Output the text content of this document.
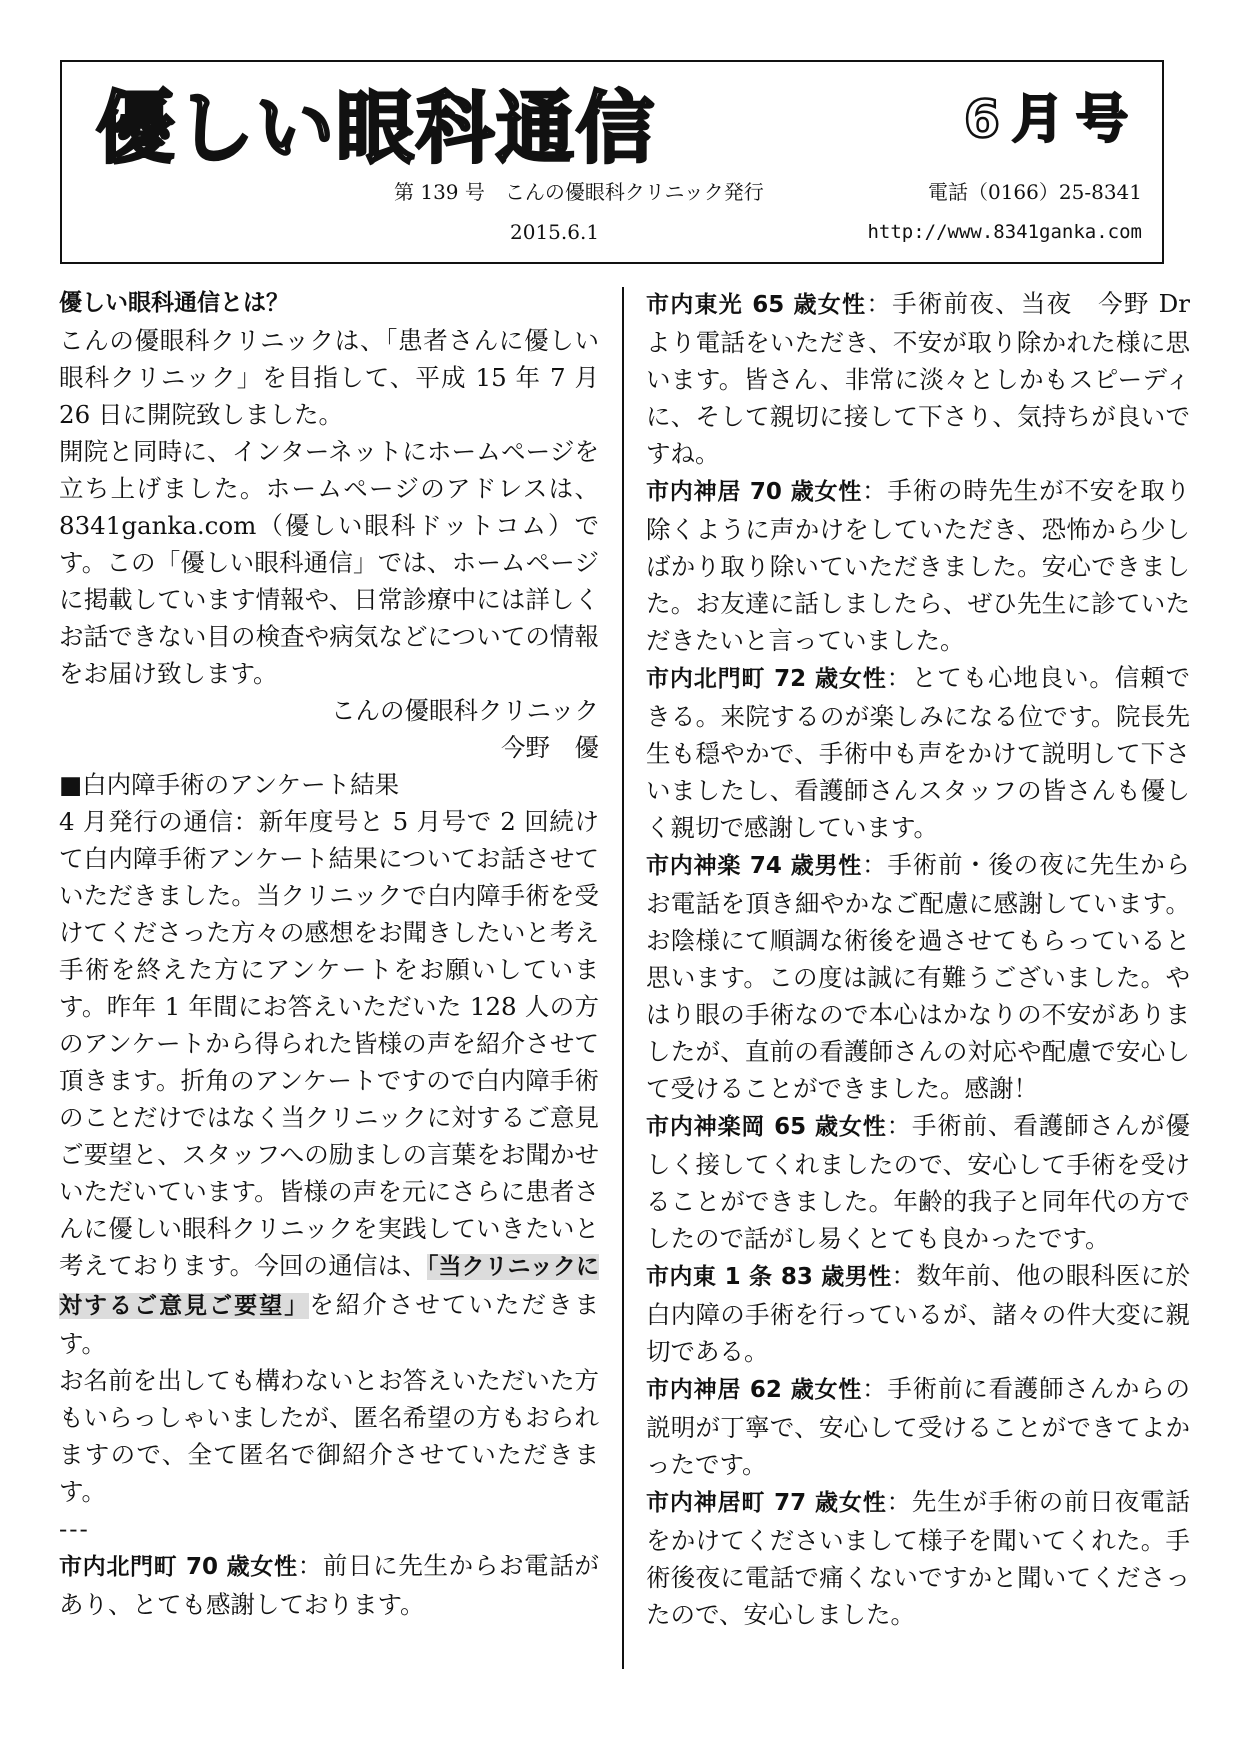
優しい眼科通信	6月号
第 139 号　こんの優眼科クリニック発行	電話（0166）25-8341
2015.6.1	http://www.8341ganka.com

優しい眼科通信とは？

こんの優眼科クリニックは、「患者さんに優しい眼科クリニック」を目指して、平成 15 年 7 月 26 日に開院致しました。

開院と同時に、インターネットにホームページを立ち上げました。ホームページのアドレスは、8341ganka.com（優しい眼科ドットコム）です。この「優しい眼科通信」では、ホームページに掲載しています情報や、日常診療中には詳しくお話できない目の検査や病気などについての情報をお届け致します。

こんの優眼科クリニック

今野　優

■白内障手術のアンケート結果

4 月発行の通信：新年度号と 5 月号で 2 回続けて白内障手術アンケート結果についてお話させていただきました。当クリニックで白内障手術を受けてくださった方々の感想をお聞きしたいと考え手術を終えた方にアンケートをお願いしています。昨年 1 年間にお答えいただいた 128 人の方のアンケートから得られた皆様の声を紹介させて頂きます。折角のアンケートですので白内障手術のことだけではなく当クリニックに対するご意見ご要望と、スタッフへの励ましの言葉をお聞かせいただいています。皆様の声を元にさらに患者さんに優しい眼科クリニックを実践していきたいと考えております。今回の通信は、「当クリニックに対するご意見ご要望」を紹介させていただきます。

お名前を出しても構わないとお答えいただいた方もいらっしゃいましたが、匿名希望の方もおられますので、全て匿名で御紹介させていただきます。

---

市内北門町 70 歳女性：前日に先生からお電話があり、とても感謝しております。

市内東光 65 歳女性：手術前夜、当夜　今野 Dr より電話をいただき、不安が取り除かれた様に思います。皆さん、非常に淡々としかもスピーディに、そして親切に接して下さり、気持ちが良いですね。

市内神居 70 歳女性：手術の時先生が不安を取り除くように声かけをしていただき、恐怖から少しばかり取り除いていただきました。安心できました。お友達に話しましたら、ぜひ先生に診ていただきたいと言っていました。

市内北門町 72 歳女性：とても心地良い。信頼できる。来院するのが楽しみになる位です。院長先生も穏やかで、手術中も声をかけて説明して下さいましたし、看護師さんスタッフの皆さんも優しく親切で感謝しています。

市内神楽 74 歳男性：手術前・後の夜に先生からお電話を頂き細やかなご配慮に感謝しています。お陰様にて順調な術後を過させてもらっていると思います。この度は誠に有難うございました。やはり眼の手術なので本心はかなりの不安がありましたが、直前の看護師さんの対応や配慮で安心して受けることができました。感謝！

市内神楽岡 65 歳女性：手術前、看護師さんが優しく接してくれましたので、安心して手術を受けることができました。年齢的我子と同年代の方でしたので話がし易くとても良かったです。

市内東 1 条 83 歳男性：数年前、他の眼科医に於白内障の手術を行っているが、諸々の件大変に親切である。

市内神居 62 歳女性：手術前に看護師さんからの説明が丁寧で、安心して受けることができてよかったです。

市内神居町 77 歳女性：先生が手術の前日夜電話をかけてくださいまして様子を聞いてくれた。手術後夜に電話で痛くないですかと聞いてくださったので、安心しました。
